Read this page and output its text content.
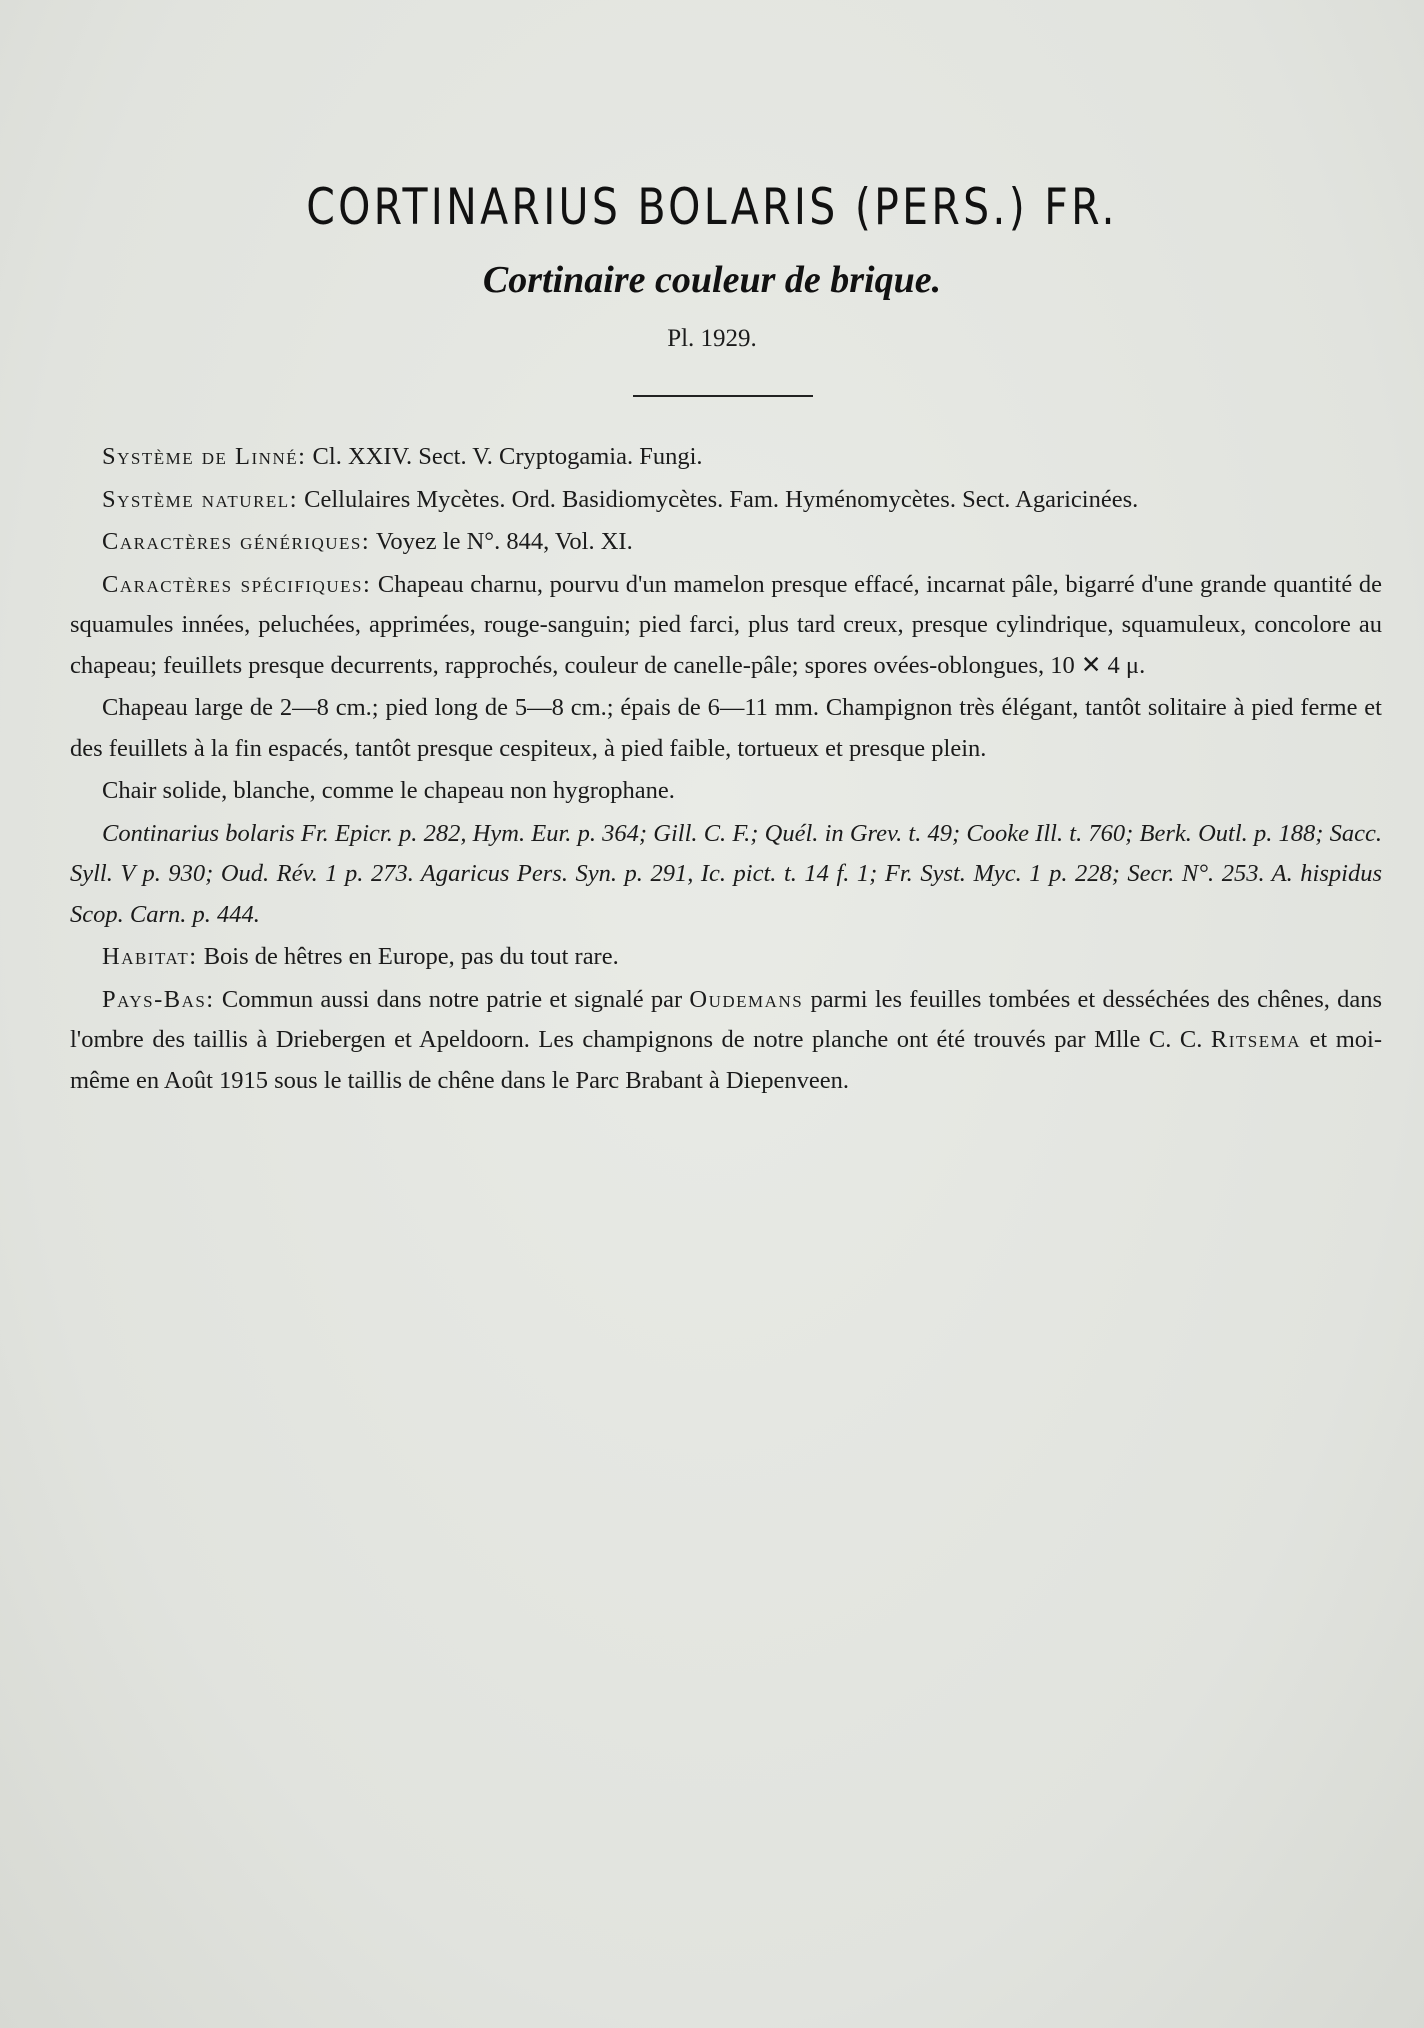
CORTINARIUS BOLARIS (PERS.) FR.
Cortinaire couleur de brique.
Pl. 1929.

Système de Linné: Cl. XXIV. Sect. V. Cryptogamia. Fungi.

Système naturel: Cellulaires Mycètes. Ord. Basidiomycètes. Fam. Hyménomycètes. Sect. Agaricinées.

Caractères génériques: Voyez le N°. 844, Vol. XI.

Caractères spécifiques: Chapeau charnu, pourvu d'un mamelon presque effacé, incarnat pâle, bigarré d'une grande quantité de squamules innées, peluchées, apprimées, rouge-sanguin; pied farci, plus tard creux, presque cylindrique, squamuleux, concolore au chapeau; feuillets presque decurrents, rapprochés, couleur de canelle-pâle; spores ovées-oblongues, 10 ✕ 4 μ.

Chapeau large de 2—8 cm.; pied long de 5—8 cm.; épais de 6—11 mm. Champignon très élégant, tantôt solitaire à pied ferme et des feuillets à la fin espacés, tantôt presque cespiteux, à pied faible, tortueux et presque plein.

Chair solide, blanche, comme le chapeau non hygrophane.

Continarius bolaris Fr. Epicr. p. 282, Hym. Eur. p. 364; Gill. C. F.; Quél. in Grev. t. 49; Cooke Ill. t. 760; Berk. Outl. p. 188; Sacc. Syll. V p. 930; Oud. Rév. 1 p. 273. Agaricus Pers. Syn. p. 291, Ic. pict. t. 14 f. 1; Fr. Syst. Myc. 1 p. 228; Secr. N°. 253. A. hispidus Scop. Carn. p. 444.

Habitat: Bois de hêtres en Europe, pas du tout rare.

Pays-Bas: Commun aussi dans notre patrie et signalé par Oudemans parmi les feuilles tombées et desséchées des chênes, dans l'ombre des taillis à Driebergen et Apeldoorn. Les champignons de notre planche ont été trouvés par Mlle C. C. Ritsema et moi-même en Août 1915 sous le taillis de chêne dans le Parc Brabant à Diepenveen.
